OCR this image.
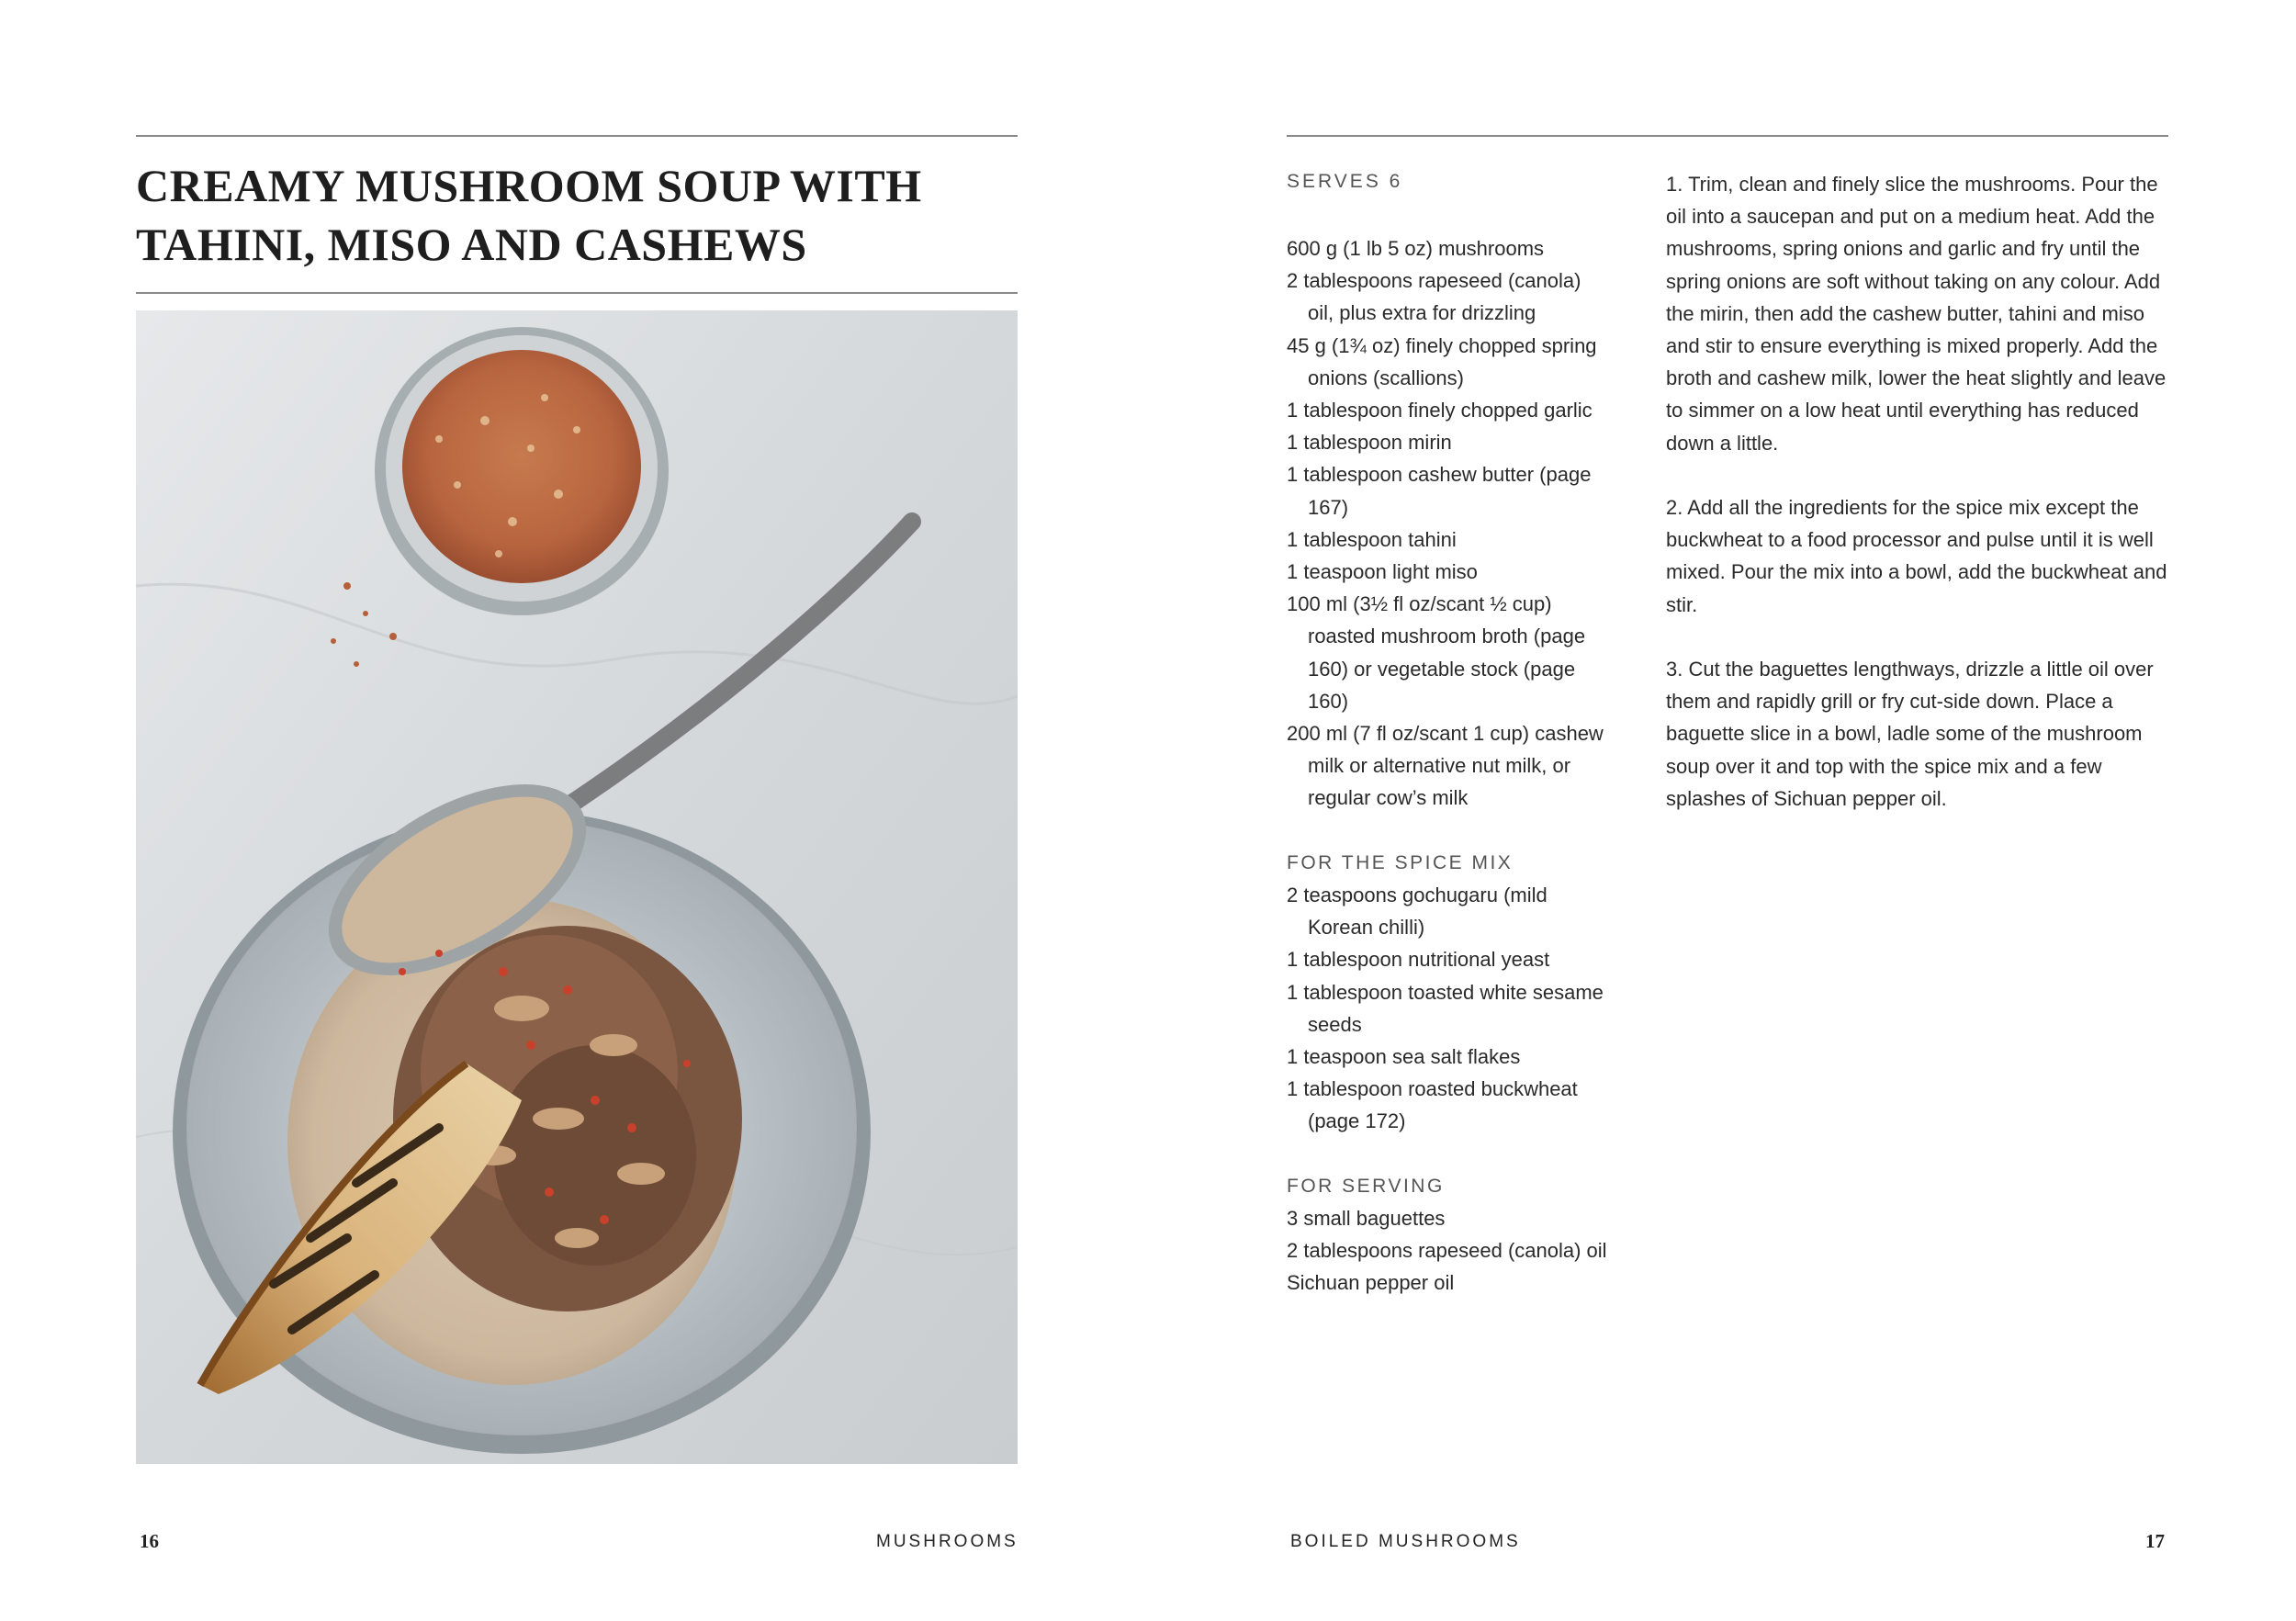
CREAMY MUSHROOM SOUP WITH TAHINI, MISO AND CASHEWS
16	MUSHROOMS
SERVES 6
600 g (1 lb 5 oz) mushrooms
2 tablespoons rapeseed (canola) oil, plus extra for drizzling
45 g (1¾ oz) finely chopped spring onions (scallions)
1 tablespoon finely chopped garlic
1 tablespoon mirin
1 tablespoon cashew butter (page 167)
1 tablespoon tahini
1 teaspoon light miso
100 ml (3½ fl oz/scant ½ cup) roasted mushroom broth (page 160) or vegetable stock (page 160)
200 ml (7 fl oz/scant 1 cup) cashew milk or alternative nut milk, or regular cow’s milk
FOR THE SPICE MIX
2 teaspoons gochugaru (mild Korean chilli)
1 tablespoon nutritional yeast
1 tablespoon toasted white sesame seeds
1 teaspoon sea salt flakes
1 tablespoon roasted buckwheat (page 172)
FOR SERVING
3 small baguettes
2 tablespoons rapeseed (canola) oil
Sichuan pepper oil

1. Trim, clean and finely slice the mushrooms. Pour the oil into a saucepan and put on a medium heat. Add the mushrooms, spring onions and garlic and fry until the spring onions are soft without taking on any colour. Add the mirin, then add the cashew butter, tahini and miso and stir to ensure everything is mixed properly. Add the broth and cashew milk, lower the heat slightly and leave to simmer on a low heat until everything has reduced down a little.

2. Add all the ingredients for the spice mix except the buckwheat to a food processor and pulse until it is well mixed. Pour the mix into a bowl, add the buckwheat and stir.

3. Cut the baguettes lengthways, drizzle a little oil over them and rapidly grill or fry cut-side down. Place a baguette slice in a bowl, ladle some of the mushroom soup over it and top with the spice mix and a few splashes of Sichuan pepper oil.

BOILED MUSHROOMS	17
